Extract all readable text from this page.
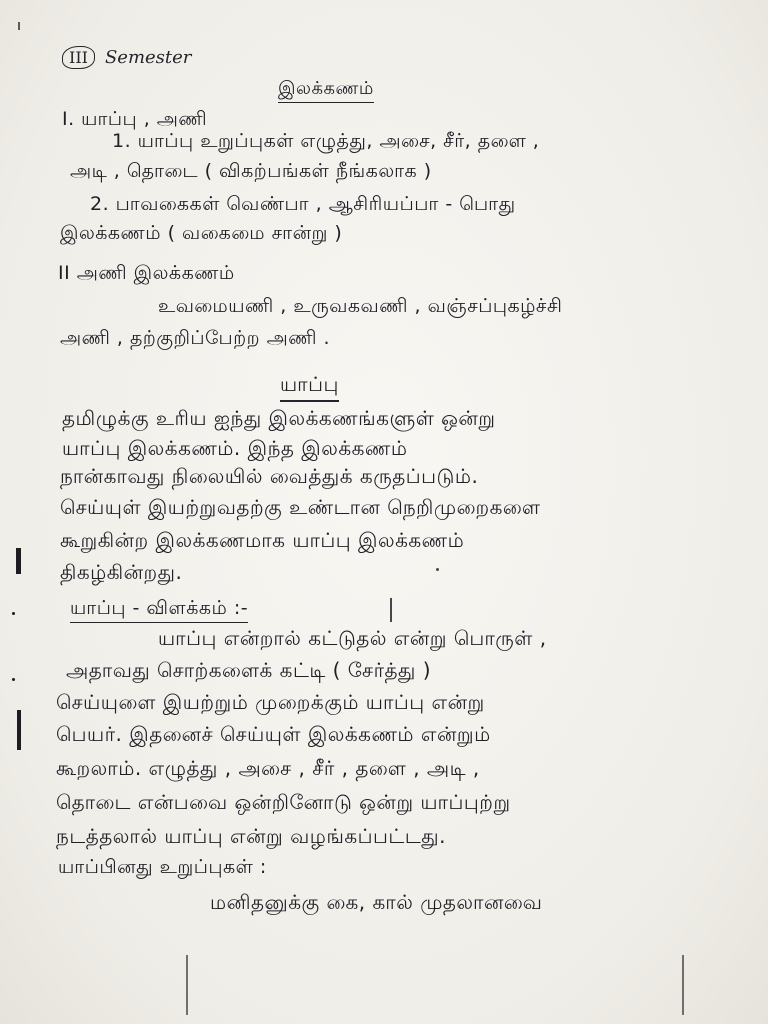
III Semester
இலக்கணம்
I. யாப்பு , அணி
1. யாப்பு உறுப்புகள் எழுத்து, அசை, சீர், தளை ,
அடி , தொடை ( விகற்பங்கள் நீங்கலாக )
2. பாவகைகள் வெண்பா , ஆசிரியப்பா - பொது
இலக்கணம் ( வகைமை சான்று )
II அணி இலக்கணம்
உவமையணி , உருவகவணி , வஞ்சப்புகழ்ச்சி
அணி , தற்குறிப்பேற்ற அணி .
யாப்பு
தமிழுக்கு உரிய ஐந்து இலக்கணங்களுள் ஒன்று
யாப்பு இலக்கணம். இந்த இலக்கணம்
நான்காவது நிலையில் வைத்துக் கருதப்படும்.
செய்யுள் இயற்றுவதற்கு உண்டான நெறிமுறைகளை
கூறுகின்ற இலக்கணமாக யாப்பு இலக்கணம்
திகழ்கின்றது.
யாப்பு - விளக்கம் :-
யாப்பு என்றால் கட்டுதல் என்று பொருள் ,
அதாவது சொற்களைக் கட்டி ( சேர்த்து )
செய்யுளை இயற்றும் முறைக்கும் யாப்பு என்று
பெயர். இதனைச் செய்யுள் இலக்கணம் என்றும்
கூறலாம். எழுத்து , அசை , சீர் , தளை , அடி ,
தொடை என்பவை ஒன்றினோடு ஒன்று யாப்புற்று
நடத்தலால் யாப்பு என்று வழங்கப்பட்டது.
யாப்பினது உறுப்புகள் :
மனிதனுக்கு கை, கால் முதலானவை
